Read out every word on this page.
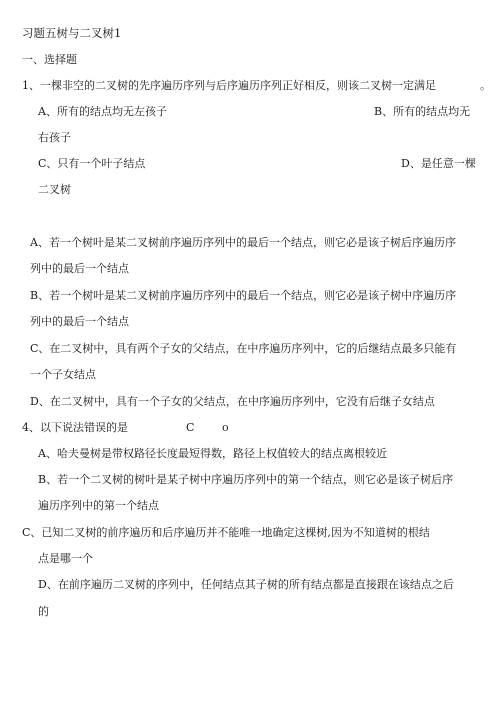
习题五树与二叉树1
一、选择题
1、一棵非空的二叉树的先序遍历序列与后序遍历序列正好相反，则该二叉树一定满足	。
A、所有的结点均无左孩子	B、所有的结点均无
右孩子
C、只有一个叶子结点	D、是任意一棵
二叉树
A、若一个树叶是某二叉树前序遍历序列中的最后一个结点，则它必是该子树后序遍历序
列中的最后一个结点
B、若一个树叶是某二叉树前序遍历序列中的最后一个结点，则它必是该子树中序遍历序
列中的最后一个结点
C、在二叉树中，具有两个子女的父结点，在中序遍历序列中，它的后继结点最多只能有
一个子女结点
D、在二叉树中，具有一个子女的父结点，在中序遍历序列中，它没有后继子女结点
4、以下说法错误的是	C	o
A、哈夫曼树是带权路径长度最短得数，路径上权值较大的结点离根较近
B、若一个二叉树的树叶是某子树中序遍历序列中的第一个结点，则它必是该子树后序
遍历序列中的第一个结点
C、已知二叉树的前序遍历和后序遍历并不能唯一地确定这棵树,因为不知道树的根结
点是哪一个
D、在前序遍历二叉树的序列中，任何结点其子树的所有结点都是直接跟在该结点之后
的
